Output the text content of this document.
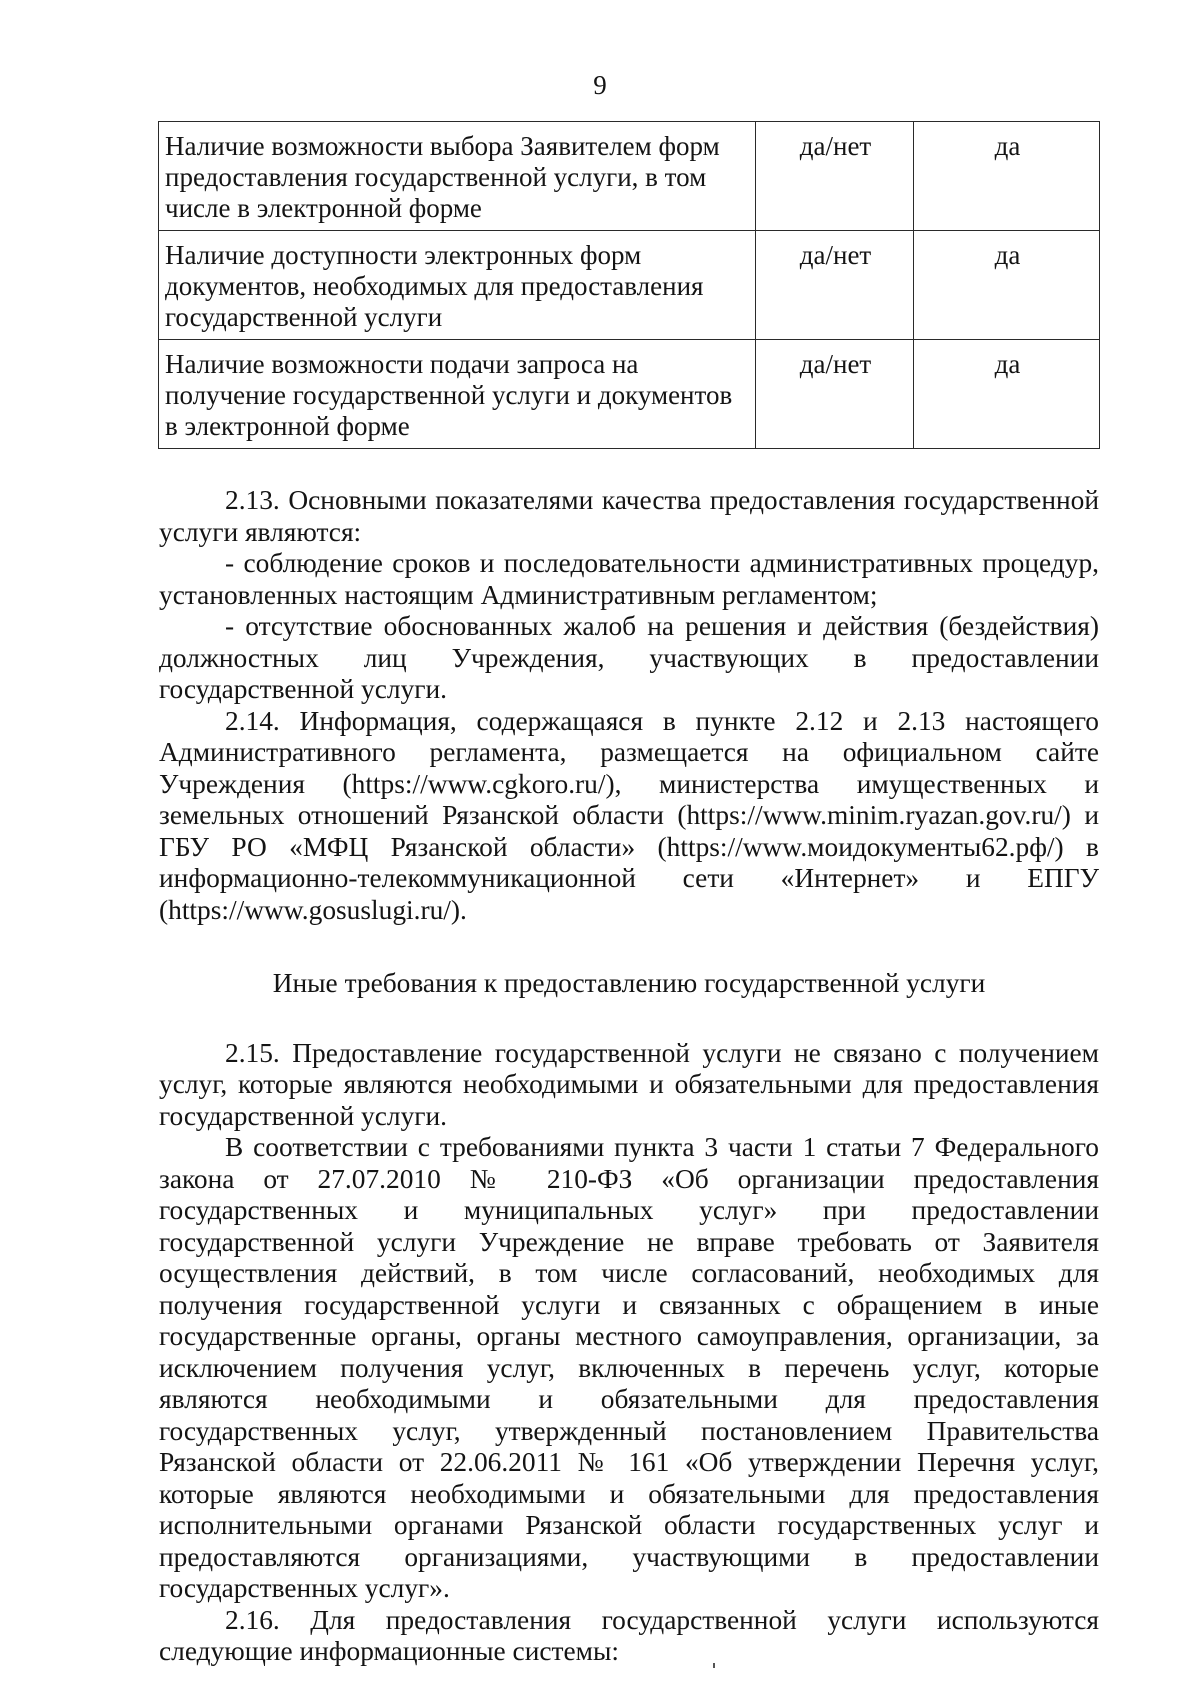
9
Наличие возможности выбора Заявителем форм предоставления государственной услуги, в том числе в электронной форме	да/нет	да
Наличие доступности электронных форм документов, необходимых для предоставления государственной услуги	да/нет	да
Наличие возможности подачи запроса на получение государственной услуги и документов в электронной форме	да/нет	да

2.13. Основными показателями качества предоставления государственной услуги являются:

- соблюдение сроков и последовательности административных процедур, установленных настоящим Административным регламентом;

- отсутствие обоснованных жалоб на решения и действия (бездействия) должностных лиц Учреждения, участвующих в предоставлении государственной услуги.

2.14. Информация, содержащаяся в пункте 2.12 и 2.13 настоящего Административного регламента, размещается на официальном сайте Учреждения (https://www.cgkoro.ru/), министерства имущественных и земельных отношений Рязанской области (https://www.minim.ryazan.gov.ru/) и ГБУ РО «МФЦ Рязанской области» (https://www.моидокументы62.рф/) в информационно-телекоммуникационной сети «Интернет» и ЕПГУ (https://www.gosuslugi.ru/).

Иные требования к предоставлению государственной услуги

2.15. Предоставление государственной услуги не связано с получением услуг, которые являются необходимыми и обязательными для предоставления государственной услуги.

В соответствии с требованиями пункта 3 части 1 статьи 7 Федерального закона от 27.07.2010 № 210-ФЗ «Об организации предоставления государственных и муниципальных услуг» при предоставлении государственной услуги Учреждение не вправе требовать от Заявителя осуществления действий, в том числе согласований, необходимых для получения государственной услуги и связанных с обращением в иные государственные органы, органы местного самоуправления, организации, за исключением получения услуг, включенных в перечень услуг, которые являются необходимыми и обязательными для предоставления государственных услуг, утвержденный постановлением Правительства Рязанской области от 22.06.2011 № 161 «Об утверждении Перечня услуг, которые являются необходимыми и обязательными для предоставления исполнительными органами Рязанской области государственных услуг и предоставляются организациями, участвующими в предоставлении государственных услуг».

2.16. Для предоставления государственной услуги используются следующие информационные системы:
